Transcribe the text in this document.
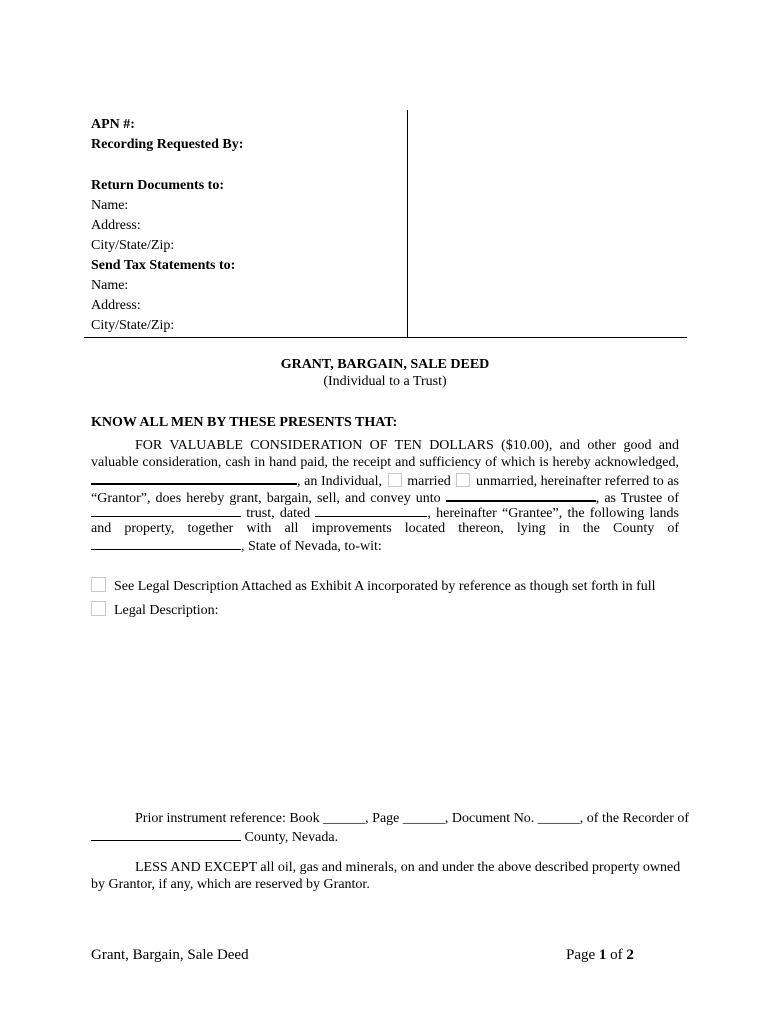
APN #:
Recording Requested By:
Return Documents to:
Name:
Address:
City/State/Zip:
Send Tax Statements to:
Name:
Address:
City/State/Zip:
GRANT, BARGAIN, SALE DEED
(Individual to a Trust)
KNOW ALL MEN BY THESE PRESENTS THAT:
FOR VALUABLE CONSIDERATION OF TEN DOLLARS ($10.00), and other good and
valuable consideration, cash in hand paid, the receipt and sufficiency of which is hereby acknowledged,
, an Individual, married unmarried, hereinafter referred to as
“Grantor”, does hereby grant, bargain, sell, and convey unto	, as Trustee of
trust, dated	, hereinafter “Grantee”, the following lands
and property, together with all improvements located thereon, lying in the County of
, State of Nevada, to-wit:
See Legal Description Attached as Exhibit A incorporated by reference as though set forth in full
Legal Description:
Prior instrument reference: Book ______, Page ______, Document No. ______, of the Recorder of
County, Nevada.
LESS AND EXCEPT all oil, gas and minerals, on and under the above described property owned
by Grantor, if any, which are reserved by Grantor.
Grant, Bargain, Sale Deed	Page 1 of 2
